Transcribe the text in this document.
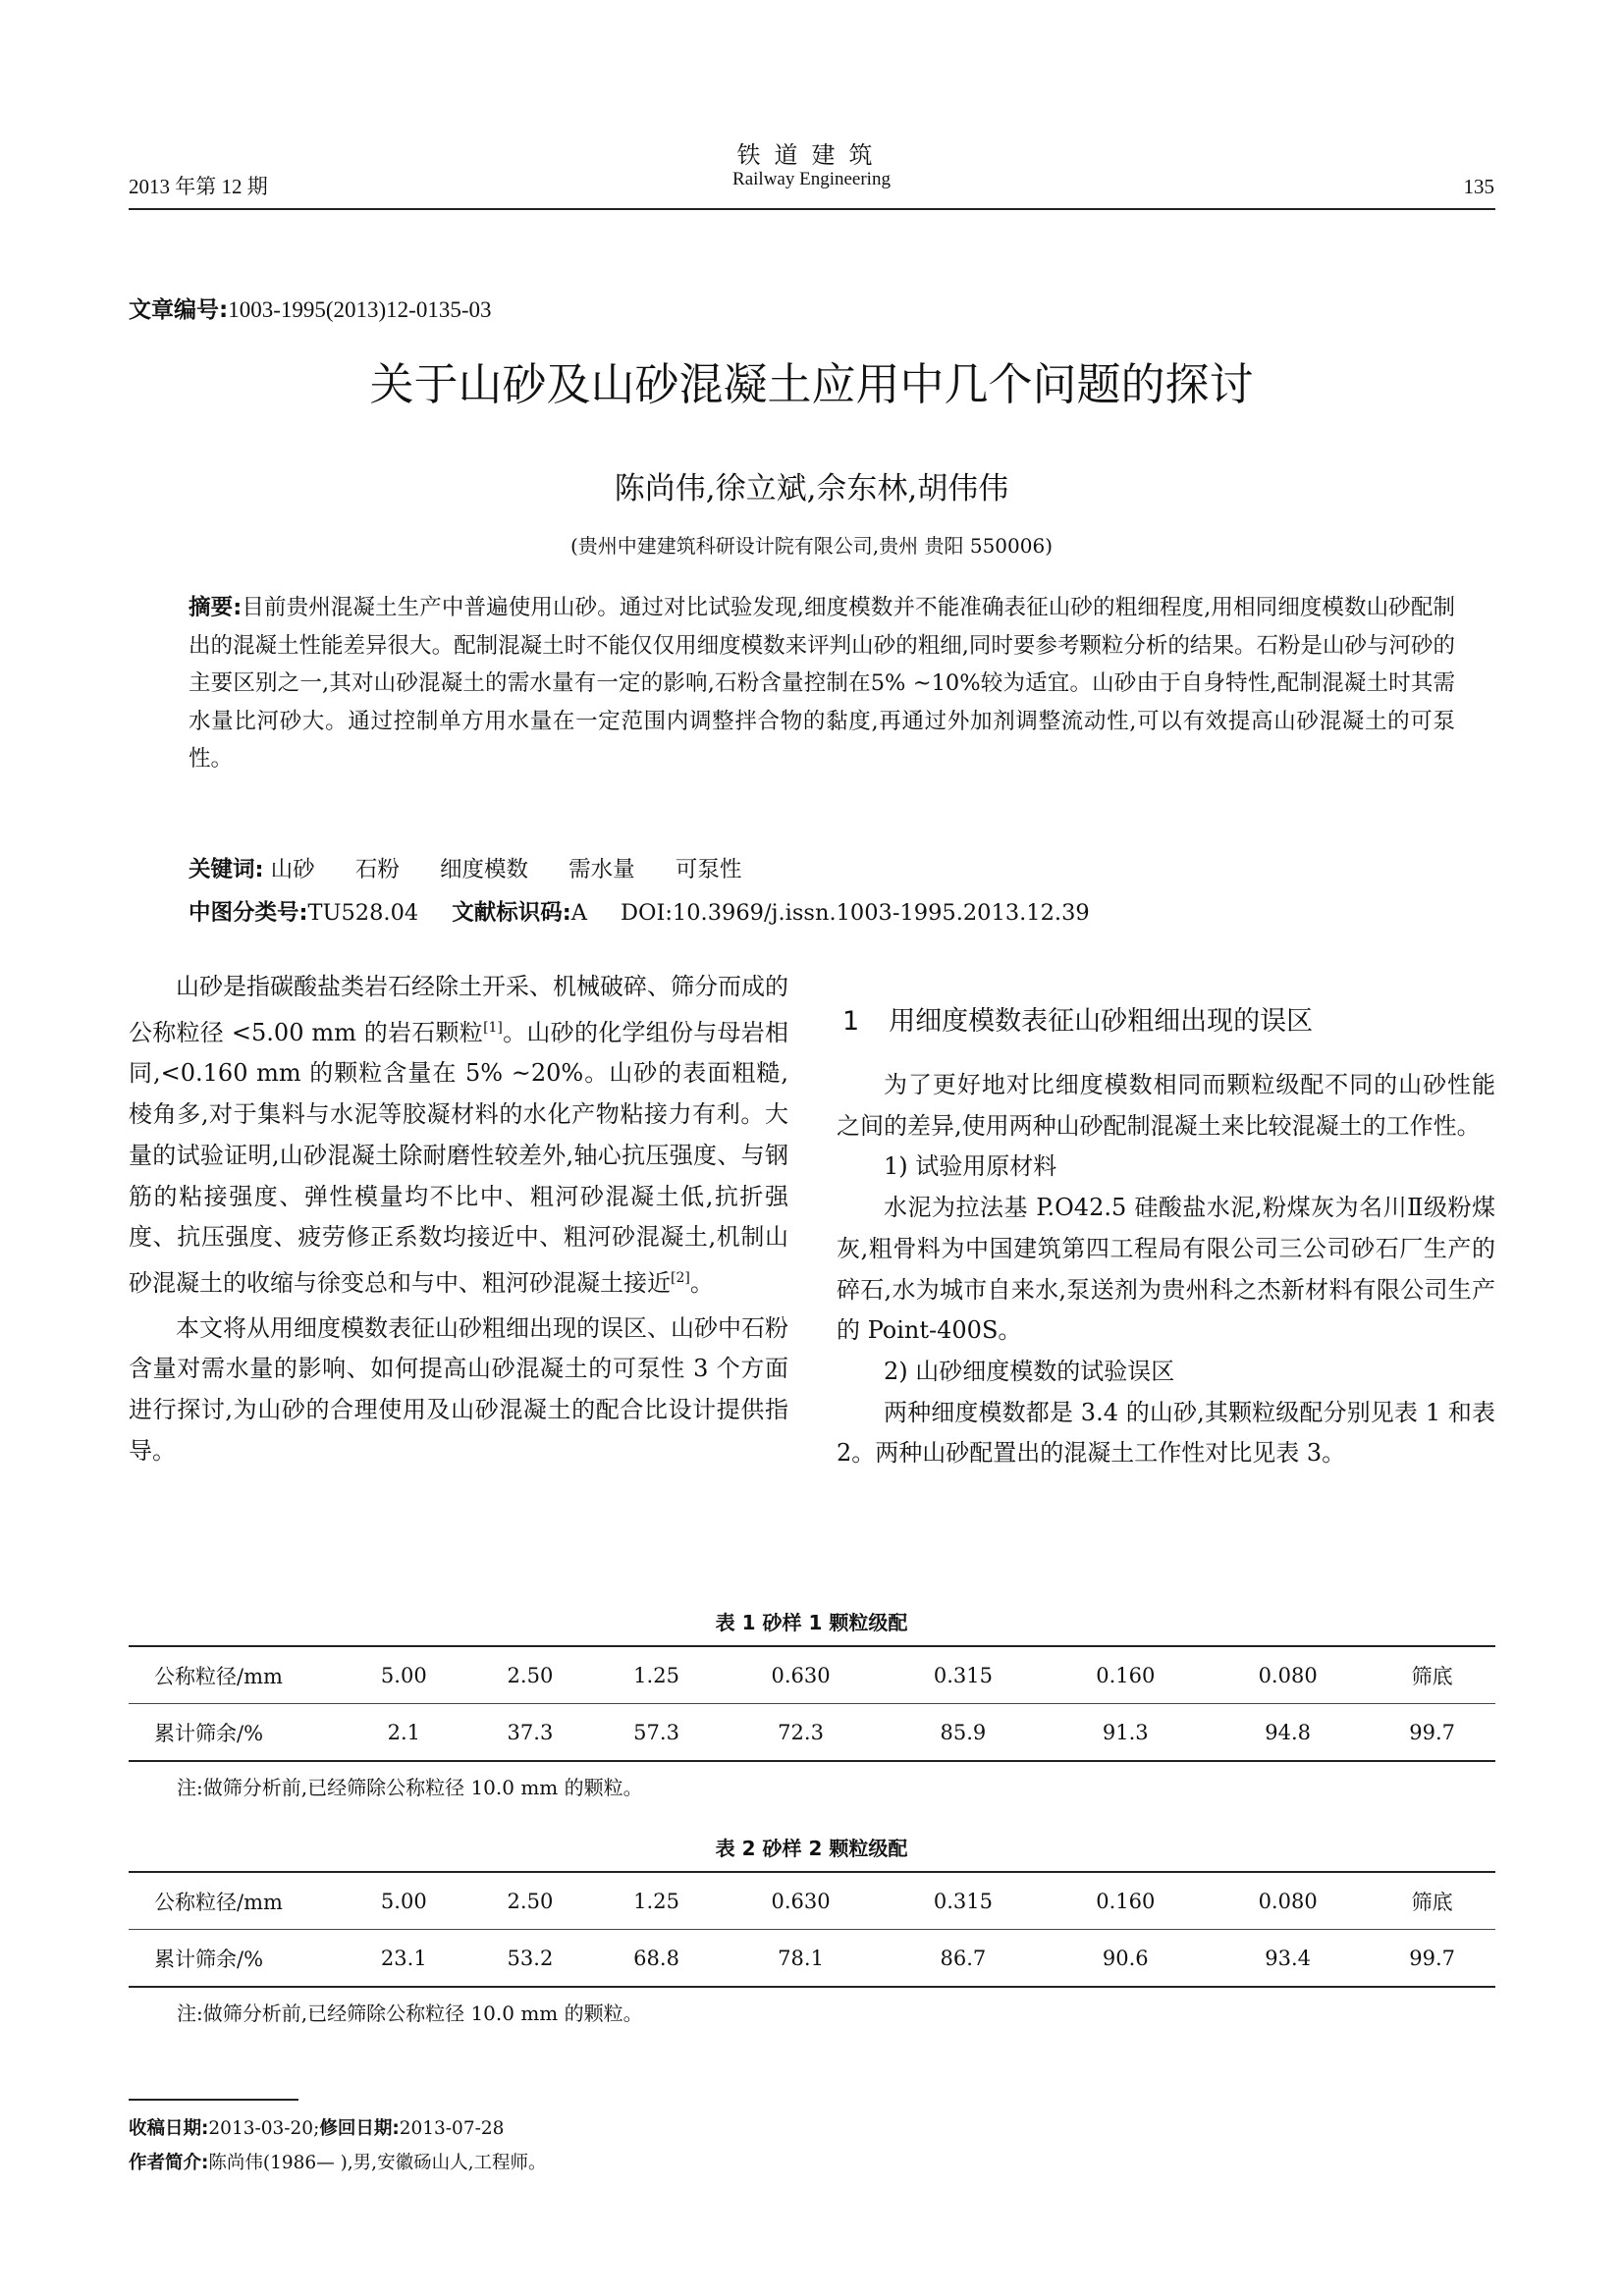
铁道建筑
Railway Engineering
2013 年第 12 期	135
文章编号:1003-1995(2013)12-0135-03
关于山砂及山砂混凝土应用中几个问题的探讨
陈尚伟,徐立斌,佘东林,胡伟伟
(贵州中建建筑科研设计院有限公司,贵州 贵阳 550006)
摘要:目前贵州混凝土生产中普遍使用山砂。通过对比试验发现,细度模数并不能准确表征山砂的粗细程度,用相同细度模数山砂配制出的混凝土性能差异很大。配制混凝土时不能仅仅用细度模数来评判山砂的粗细,同时要参考颗粒分析的结果。石粉是山砂与河砂的主要区别之一,其对山砂混凝土的需水量有一定的影响,石粉含量控制在5% ~10%较为适宜。山砂由于自身特性,配制混凝土时其需水量比河砂大。通过控制单方用水量在一定范围内调整拌合物的黏度,再通过外加剂调整流动性,可以有效提高山砂混凝土的可泵性。
关键词: 山砂 石粉 细度模数 需水量 可泵性
中图分类号:TU528.04 文献标识码:A DOI:10.3969/j.issn.1003-1995.2013.12.39

山砂是指碳酸盐类岩石经除土开采、机械破碎、筛分而成的公称粒径 <5.00 mm 的岩石颗粒[1]。山砂的化学组份与母岩相同,<0.160 mm 的颗粒含量在 5% ~20%。山砂的表面粗糙,棱角多,对于集料与水泥等胶凝材料的水化产物粘接力有利。大量的试验证明,山砂混凝土除耐磨性较差外,轴心抗压强度、与钢筋的粘接强度、弹性模量均不比中、粗河砂混凝土低,抗折强度、抗压强度、疲劳修正系数均接近中、粗河砂混凝土,机制山砂混凝土的收缩与徐变总和与中、粗河砂混凝土接近[2]。

本文将从用细度模数表征山砂粗细出现的误区、山砂中石粉含量对需水量的影响、如何提高山砂混凝土的可泵性 3 个方面进行探讨,为山砂的合理使用及山砂混凝土的配合比设计提供指导。

1 用细度模数表征山砂粗细出现的误区

为了更好地对比细度模数相同而颗粒级配不同的山砂性能之间的差异,使用两种山砂配制混凝土来比较混凝土的工作性。

1) 试验用原材料

水泥为拉法基 P.O42.5 硅酸盐水泥,粉煤灰为名川Ⅱ级粉煤灰,粗骨料为中国建筑第四工程局有限公司三公司砂石厂生产的碎石,水为城市自来水,泵送剂为贵州科之杰新材料有限公司生产的 Point-400S。

2) 山砂细度模数的试验误区

两种细度模数都是 3.4 的山砂,其颗粒级配分别见表 1 和表 2。两种山砂配置出的混凝土工作性对比见表 3。

表 1 砂样 1 颗粒级配
公称粒径/mm	5.00	2.50	1.25	0.630	0.315	0.160	0.080	筛底
累计筛余/%	2.1	37.3	57.3	72.3	85.9	91.3	94.8	99.7
注:做筛分析前,已经筛除公称粒径 10.0 mm 的颗粒。
表 2 砂样 2 颗粒级配
公称粒径/mm	5.00	2.50	1.25	0.630	0.315	0.160	0.080	筛底
累计筛余/%	23.1	53.2	68.8	78.1	86.7	90.6	93.4	99.7
注:做筛分析前,已经筛除公称粒径 10.0 mm 的颗粒。
收稿日期:2013-03-20;修回日期:2013-07-28
作者简介:陈尚伟(1986— ),男,安徽砀山人,工程师。
